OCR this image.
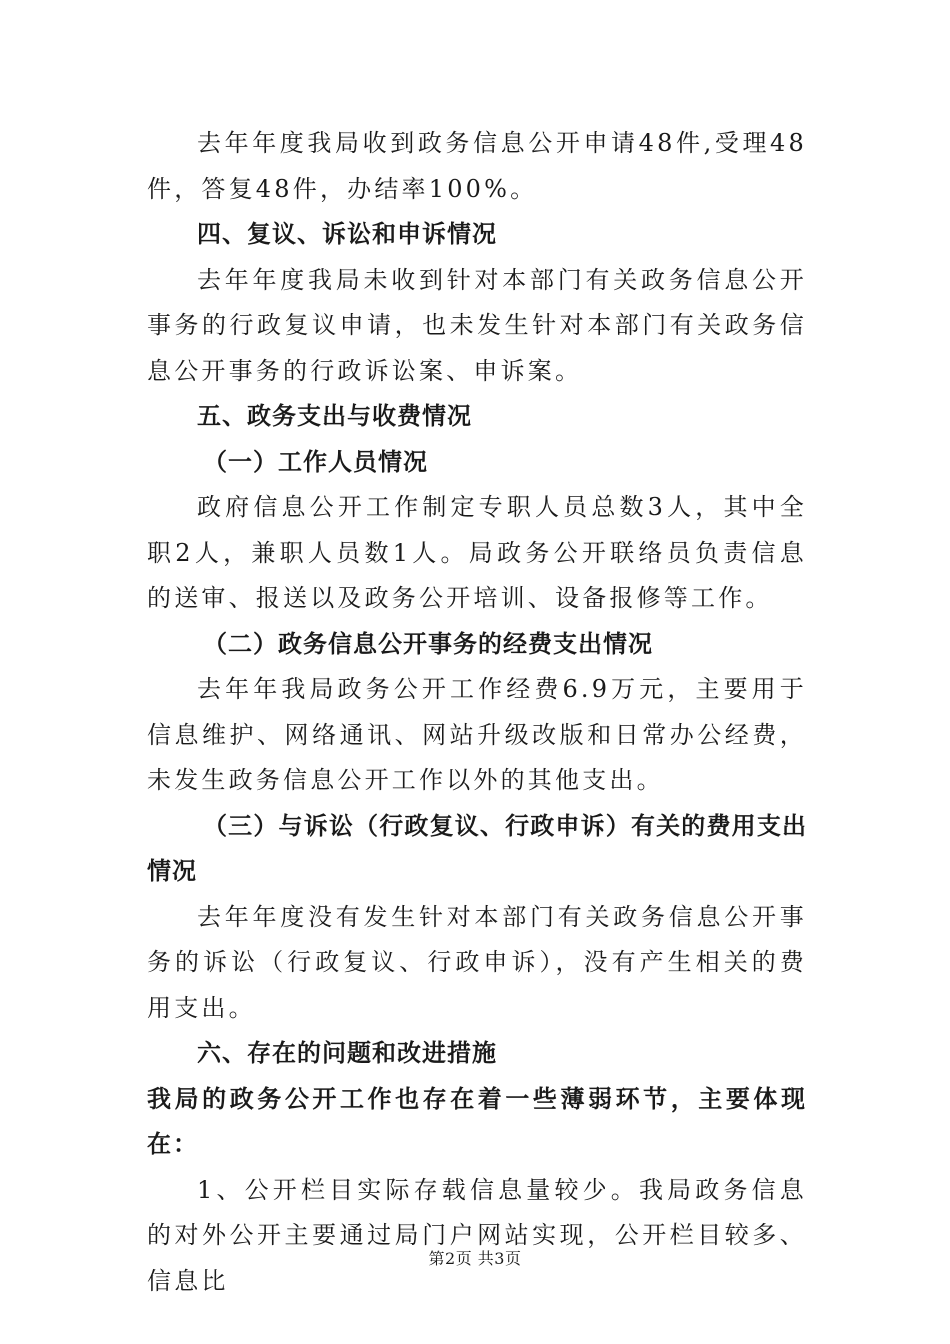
去年年度我局收到政务信息公开申请48件,受理48件，答复48件，办结率100%。

四、复议、诉讼和申诉情况

去年年度我局未收到针对本部门有关政务信息公开事务的行政复议申请，也未发生针对本部门有关政务信息公开事务的行政诉讼案、申诉案。

五、政务支出与收费情况

（一）工作人员情况

政府信息公开工作制定专职人员总数3人，其中全职2人，兼职人员数1人。局政务公开联络员负责信息的送审、报送以及政务公开培训、设备报修等工作。

（二）政务信息公开事务的经费支出情况

去年年我局政务公开工作经费6.9万元，主要用于信息维护、网络通讯、网站升级改版和日常办公经费，未发生政务信息公开工作以外的其他支出。

（三）与诉讼（行政复议、行政申诉）有关的费用支出情况

去年年度没有发生针对本部门有关政务信息公开事务的诉讼（行政复议、行政申诉），没有产生相关的费用支出。

六、存在的问题和改进措施

我局的政务公开工作也存在着一些薄弱环节，主要体现在：

1、公开栏目实际存载信息量较少。我局政务信息的对外公开主要通过局门户网站实现，公开栏目较多、信息比

第2页 共3页
